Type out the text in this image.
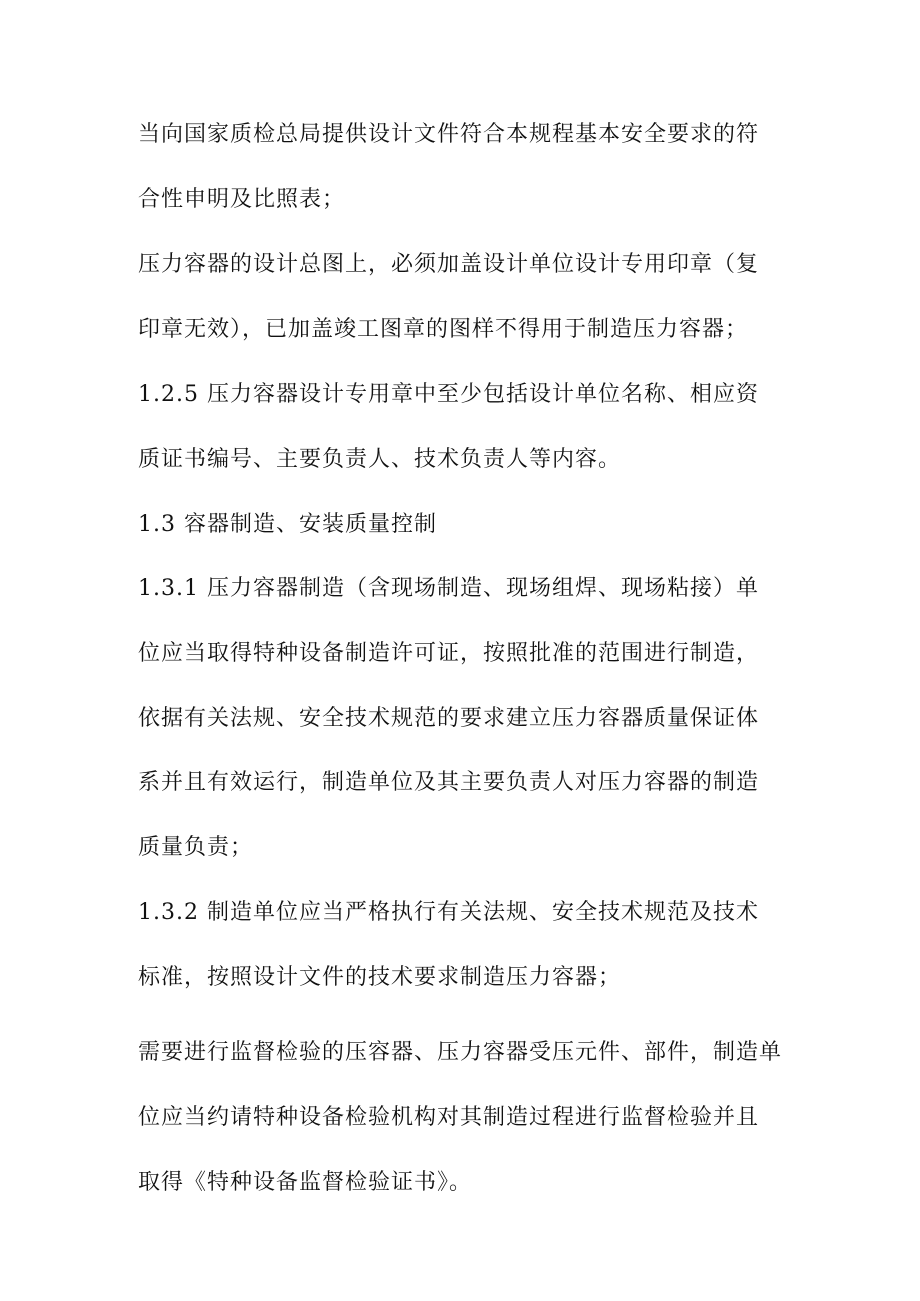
当向国家质检总局提供设计文件符合本规程基本安全要求的符
合性申明及比照表；
压力容器的设计总图上，必须加盖设计单位设计专用印章（复
印章无效），已加盖竣工图章的图样不得用于制造压力容器；
1.2.5 压力容器设计专用章中至少包括设计单位名称、相应资
质证书编号、主要负责人、技术负责人等内容。
1.3 容器制造、安装质量控制
1.3.1 压力容器制造（含现场制造、现场组焊、现场粘接）单
位应当取得特种设备制造许可证，按照批准的范围进行制造，
依据有关法规、安全技术规范的要求建立压力容器质量保证体
系并且有效运行，制造单位及其主要负责人对压力容器的制造
质量负责；
1.3.2 制造单位应当严格执行有关法规、安全技术规范及技术
标准，按照设计文件的技术要求制造压力容器；
需要进行监督检验的压容器、压力容器受压元件、部件，制造单
位应当约请特种设备检验机构对其制造过程进行监督检验并且
取得《特种设备监督检验证书》。
